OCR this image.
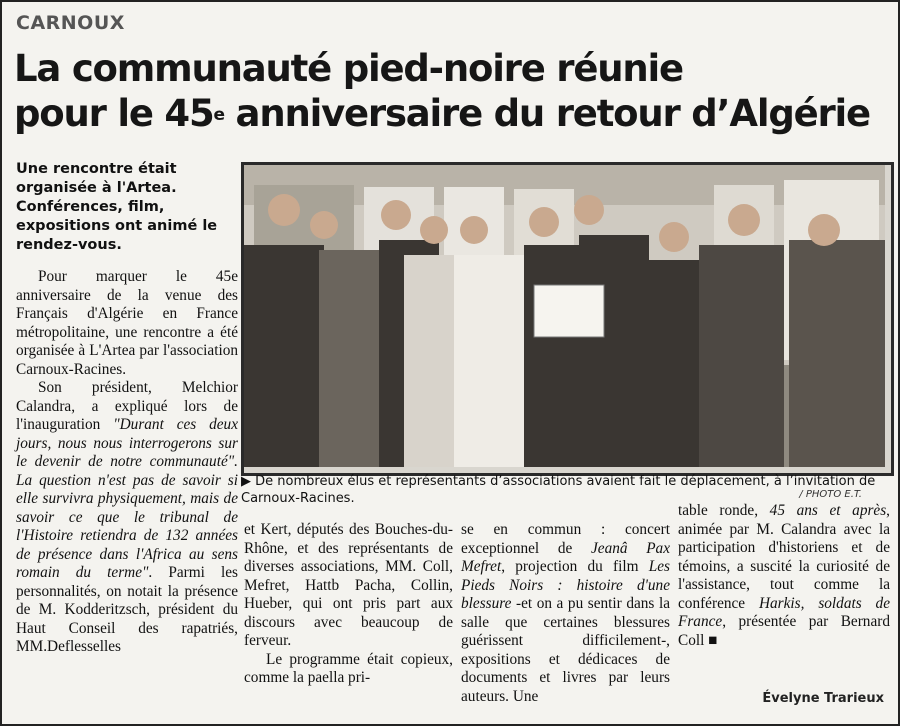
CARNOUX
La communauté pied-noire réunie
pour le 45e anniversaire du retour d’Algérie
Une rencontre était organisée à l'Artea. Conférences, film, expositions ont animé le rendez-vous.
▶ De nombreux élus et représentants d’associations avaient fait le déplacement, à l’invitation de Carnoux-Racines.	/ PHOTO E.T.

Pour marquer le 45e anniversaire de la venue des Français d'Algérie en France métropolitaine, une rencontre a été organisée à L'Artea par l'association Carnoux-Racines.

Son président, Melchior Calandra, a expliqué lors de l'inauguration "Durant ces deux jours, nous nous interrogerons sur le devenir de notre communauté". La question n'est pas de savoir si elle survivra physiquement, mais de savoir ce que le tribunal de l'Histoire retiendra de 132 années de présence dans l'Africa au sens romain du terme". Parmi les personnalités, on notait la présence de M. Kodderitzsch, président du Haut Conseil des rapatriés, MM.Deflesselles

et Kert, députés des Bouches-du-Rhône, et des représentants de diverses associations, MM. Coll, Mefret, Hattb Pacha, Collin, Hueber, qui ont pris part aux discours avec beaucoup de ferveur.

Le programme était copieux, comme la paella pri-

se en commun : concert exceptionnel de Jeanâ Pax Mefret, projection du film Les Pieds Noirs : histoire d'une blessure -et on a pu sentir dans la salle que certaines blessures guérissent difficilement-, expositions et dédicaces de documents et livres par leurs auteurs. Une

table ronde, 45 ans et après, animée par M. Calandra avec la participation d'historiens et de témoins, a suscité la curiosité de l'assistance, tout comme la conférence Harkis, soldats de France, présentée par Bernard Coll ■

Évelyne Trarieux
